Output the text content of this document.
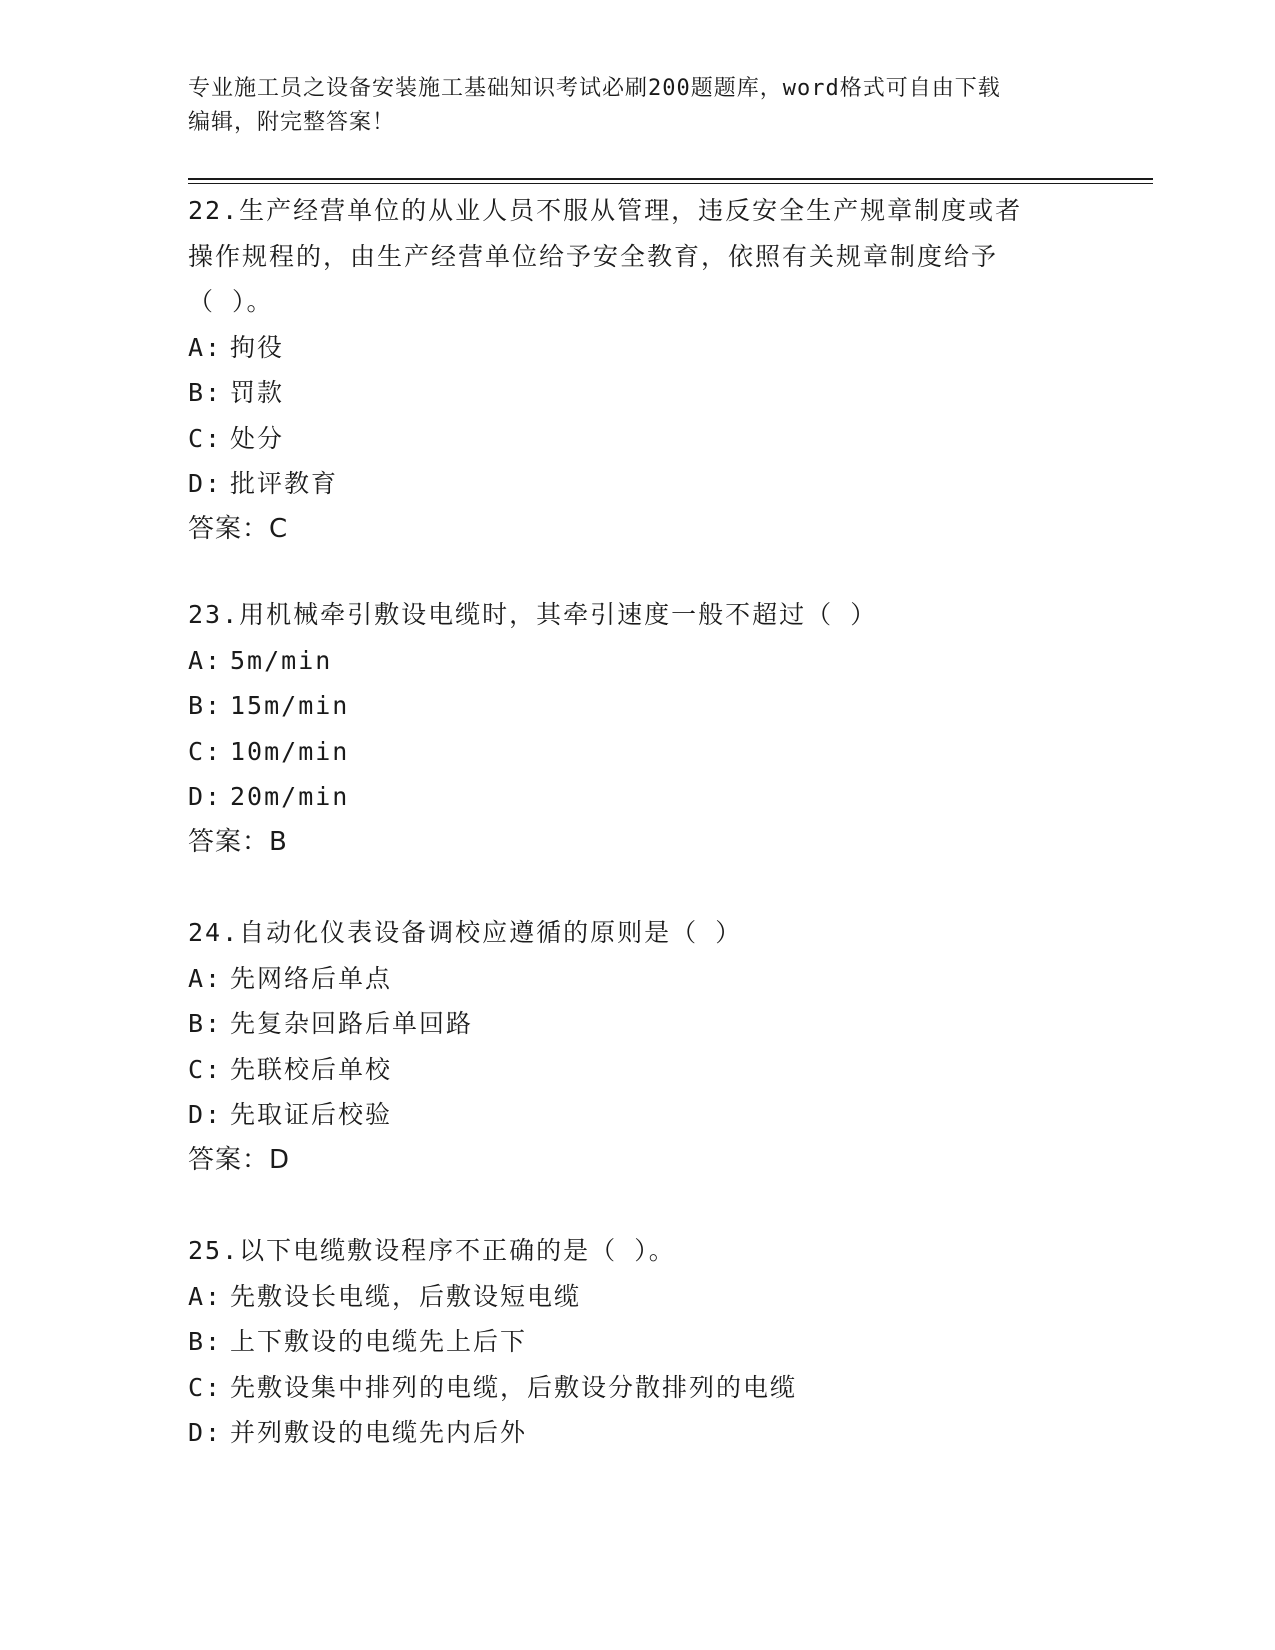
专业施工员之设备安装施工基础知识考试必刷200题题库，word格式可自由下载
编辑，附完整答案！

22.生产经营单位的从业人员不服从管理，违反安全生产规章制度或者

操作规程的，由生产经营单位给予安全教育，依照有关规章制度给予

（ ）。

A: 拘役

B: 罚款

C: 处分

D: 批评教育

答案：C

23.用机械牵引敷设电缆时，其牵引速度一般不超过（ ）

A: 5m/min

B: 15m/min

C: 10m/min

D: 20m/min

答案：B

24.自动化仪表设备调校应遵循的原则是（ ）

A: 先网络后单点

B: 先复杂回路后单回路

C: 先联校后单校

D: 先取证后校验

答案：D

25.以下电缆敷设程序不正确的是（ ）。

A: 先敷设长电缆，后敷设短电缆

B: 上下敷设的电缆先上后下

C: 先敷设集中排列的电缆，后敷设分散排列的电缆

D: 并列敷设的电缆先内后外
